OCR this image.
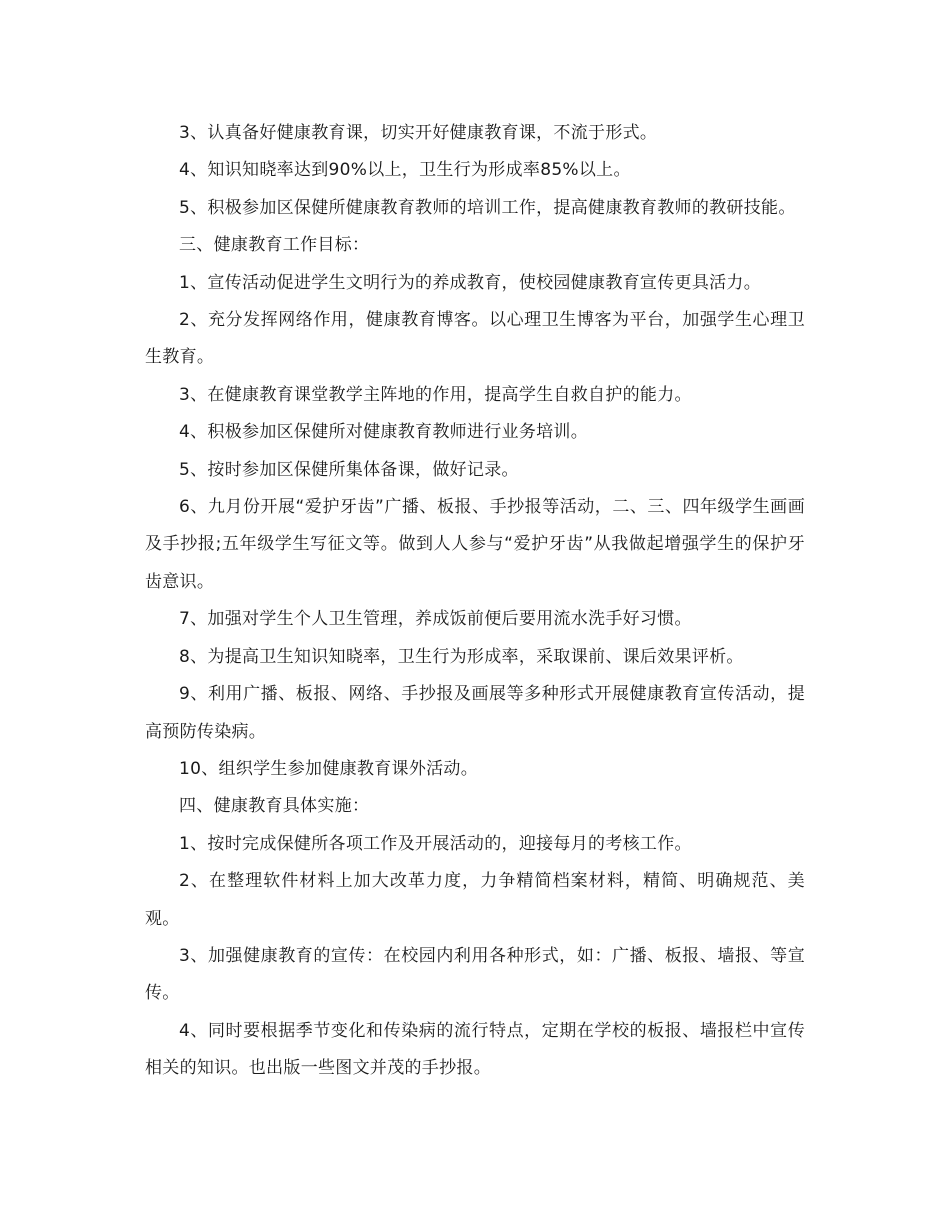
3、认真备好健康教育课，切实开好健康教育课，不流于形式。

4、知识知晓率达到90%以上，卫生行为形成率85%以上。

5、积极参加区保健所健康教育教师的培训工作，提高健康教育教师的教研技能。

三、健康教育工作目标：

1、宣传活动促进学生文明行为的养成教育，使校园健康教育宣传更具活力。

2、充分发挥网络作用，健康教育博客。以心理卫生博客为平台，加强学生心理卫生教育。

3、在健康教育课堂教学主阵地的作用，提高学生自救自护的能力。

4、积极参加区保健所对健康教育教师进行业务培训。

5、按时参加区保健所集体备课，做好记录。

6、九月份开展“爱护牙齿”广播、板报、手抄报等活动，二、三、四年级学生画画及手抄报;五年级学生写征文等。做到人人参与“爱护牙齿”从我做起增强学生的保护牙齿意识。

7、加强对学生个人卫生管理，养成饭前便后要用流水洗手好习惯。

8、为提高卫生知识知晓率，卫生行为形成率，采取课前、课后效果评析。

9、利用广播、板报、网络、手抄报及画展等多种形式开展健康教育宣传活动，提高预防传染病。

10、组织学生参加健康教育课外活动。

四、健康教育具体实施：

1、按时完成保健所各项工作及开展活动的，迎接每月的考核工作。

2、在整理软件材料上加大改革力度，力争精简档案材料，精简、明确规范、美观。

3、加强健康教育的宣传：在校园内利用各种形式，如：广播、板报、墙报、等宣传。

4、同时要根据季节变化和传染病的流行特点，定期在学校的板报、墙报栏中宣传相关的知识。也出版一些图文并茂的手抄报。
